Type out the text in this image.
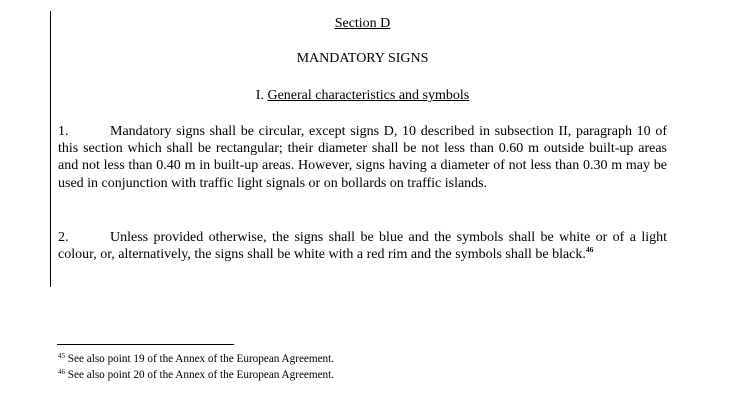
Section D
MANDATORY SIGNS
I. General characteristics and symbols

1.	Mandatory signs shall be circular, except signs D, 10 described in subsection II, paragraph 10 of this section which shall be rectangular; their diameter shall be not less than 0.60 m outside built-up areas and not less than 0.40 m in built-up areas. However, signs having a diameter of not less than 0.30 m may be used in conjunction with traffic light signals or on bollards on traffic islands.

2.	Unless provided otherwise, the signs shall be blue and the symbols shall be white or of a light colour, or, alternatively, the signs shall be white with a red rim and the symbols shall be black.$^{46}$

$^{45}$ See also point 19 of the Annex of the European Agreement.

$^{46}$ See also point 20 of the Annex of the European Agreement.
